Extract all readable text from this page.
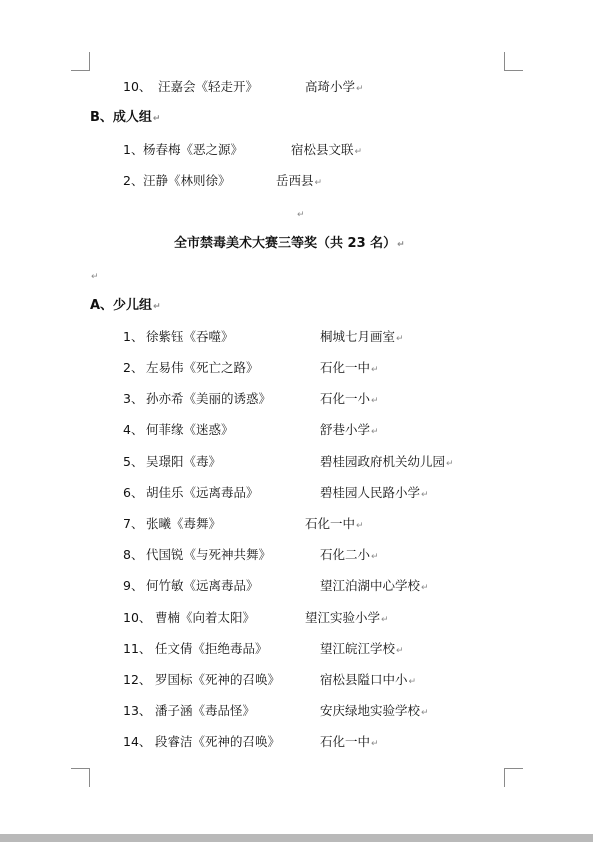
10、 汪嘉会《轻走开》	高琦小学↵
B、成人组↵
1、 杨春梅《恶之源》	宿松县文联↵
2、 汪静《林则徐》	岳西县↵
↵
全市禁毒美术大赛三等奖（共 23 名）↵
↵
A、少儿组↵
1、 徐紫钰《吞噬》	桐城七月画室↵
2、 左易伟《死亡之路》	石化一中↵
3、 孙亦希《美丽的诱惑》	石化一小↵
4、 何菲缘《迷惑》	舒巷小学↵
5、 吴璟阳《毒》	碧桂园政府机关幼儿园↵
6、 胡佳乐《远离毒品》	碧桂园人民路小学↵
7、 张曦《毒舞》	石化一中↵
8、 代国锐《与死神共舞》	石化二小↵
9、 何竹敏《远离毒品》	望江泊湖中心学校↵
10、 曹楠《向着太阳》	望江实验小学↵
11、 任文倩《拒绝毒品》	望江皖江学校↵
12、 罗国标《死神的召唤》	宿松县隘口中小↵
13、 潘子涵《毒品怪》	安庆绿地实验学校↵
14、 段睿洁《死神的召唤》	石化一中↵
